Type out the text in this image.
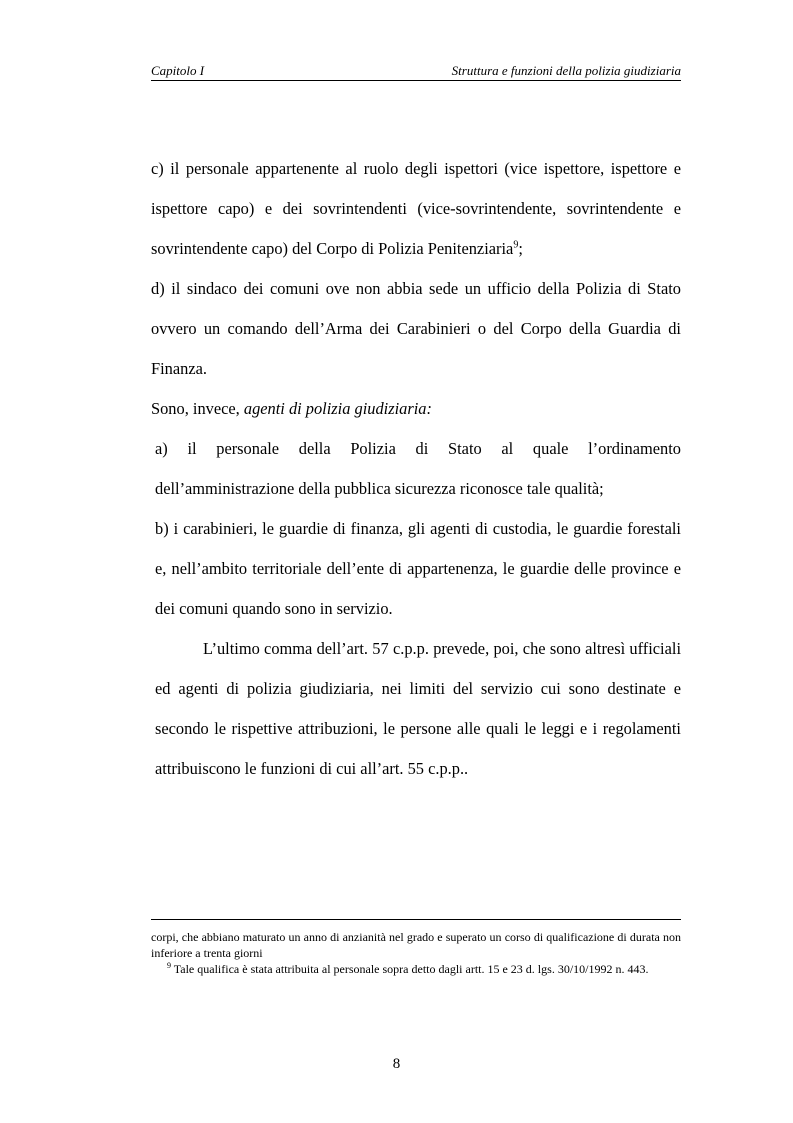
Capitolo I	Struttura e funzioni della polizia giudiziaria

c) il personale appartenente al ruolo degli ispettori (vice ispettore, ispettore e ispettore capo) e dei sovrintendenti (vice-sovrintendente, sovrintendente e sovrintendente capo) del Corpo di Polizia Penitenziaria$^9$;

d) il sindaco dei comuni ove non abbia sede un ufficio della Polizia di Stato ovvero un comando dell’Arma dei Carabinieri o del Corpo della Guardia di Finanza.

Sono, invece, agenti di polizia giudiziaria:

a) il personale della Polizia di Stato al quale l’ordinamento dell’amministrazione della pubblica sicurezza riconosce tale qualità;

b) i carabinieri, le guardie di finanza, gli agenti di custodia, le guardie forestali e, nell’ambito territoriale dell’ente di appartenenza, le guardie delle province e dei comuni quando sono in servizio.

L’ultimo comma dell’art. 57 c.p.p. prevede, poi, che sono altresì ufficiali ed agenti di polizia giudiziaria, nei limiti del servizio cui sono destinate e secondo le rispettive attribuzioni, le persone alle quali le leggi e i regolamenti attribuiscono le funzioni di cui all’art. 55 c.p.p..

corpi, che abbiano maturato un anno di anzianità nel grado e superato un corso di qualificazione di durata non inferiore a trenta giorni

$^9$ Tale qualifica è stata attribuita al personale sopra detto dagli artt. 15 e 23 d. lgs. 30/10/1992 n. 443.

8
